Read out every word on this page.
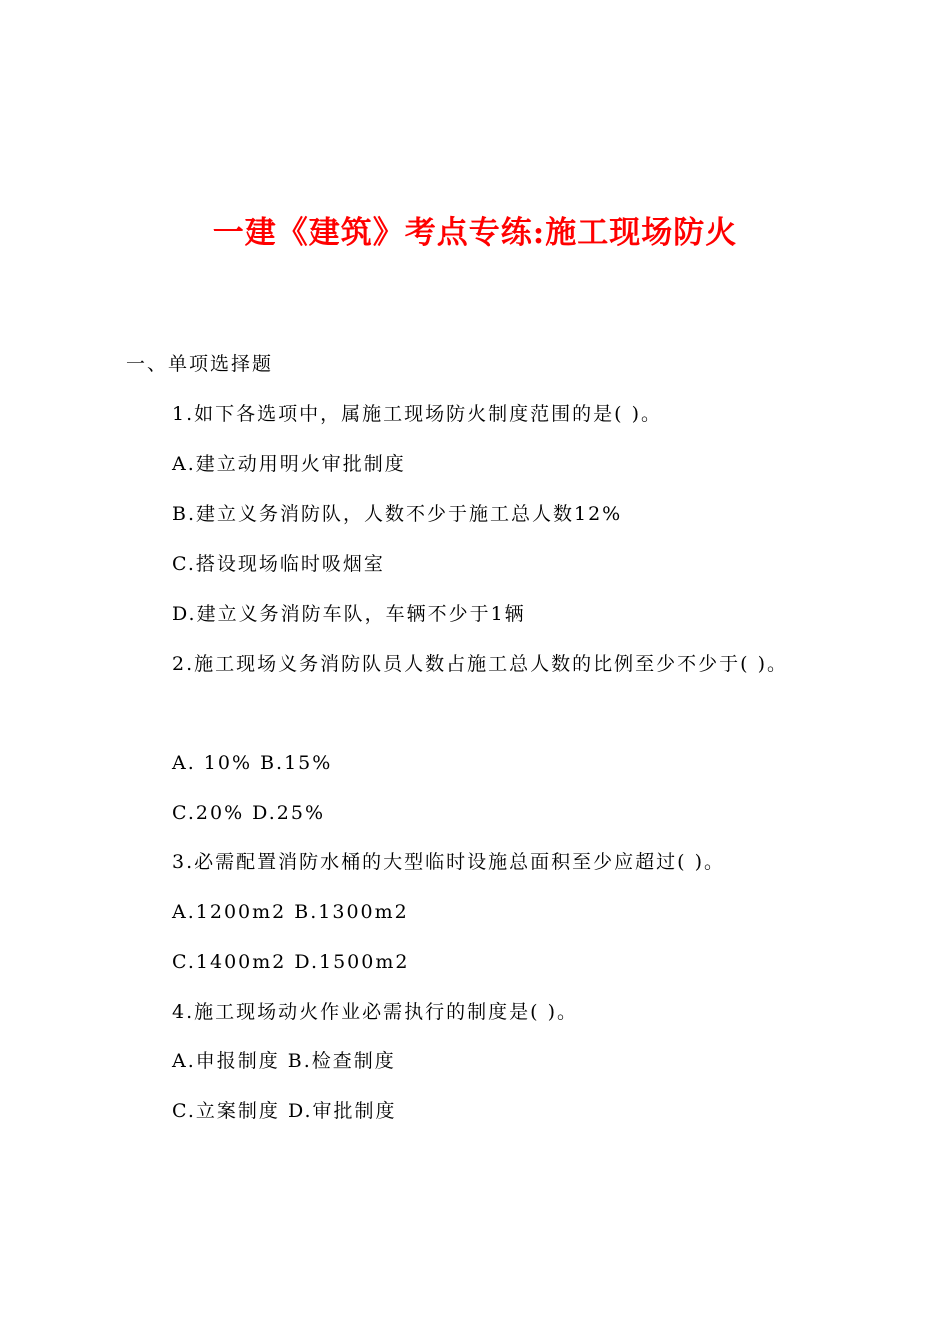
一建《建筑》考点专练:施工现场防火
一、单项选择题
1.如下各选项中，属施工现场防火制度范围的是( )。
A.建立动用明火审批制度
B.建立义务消防队，人数不少于施工总人数12%
C.搭设现场临时吸烟室
D.建立义务消防车队，车辆不少于1辆
2.施工现场义务消防队员人数占施工总人数的比例至少不少于( )。
A. 10% B.15%
C.20% D.25%
3.必需配置消防水桶的大型临时设施总面积至少应超过( )。
A.1200m2 B.1300m2
C.1400m2 D.1500m2
4.施工现场动火作业必需执行的制度是( )。
A.申报制度 B.检查制度
C.立案制度 D.审批制度
